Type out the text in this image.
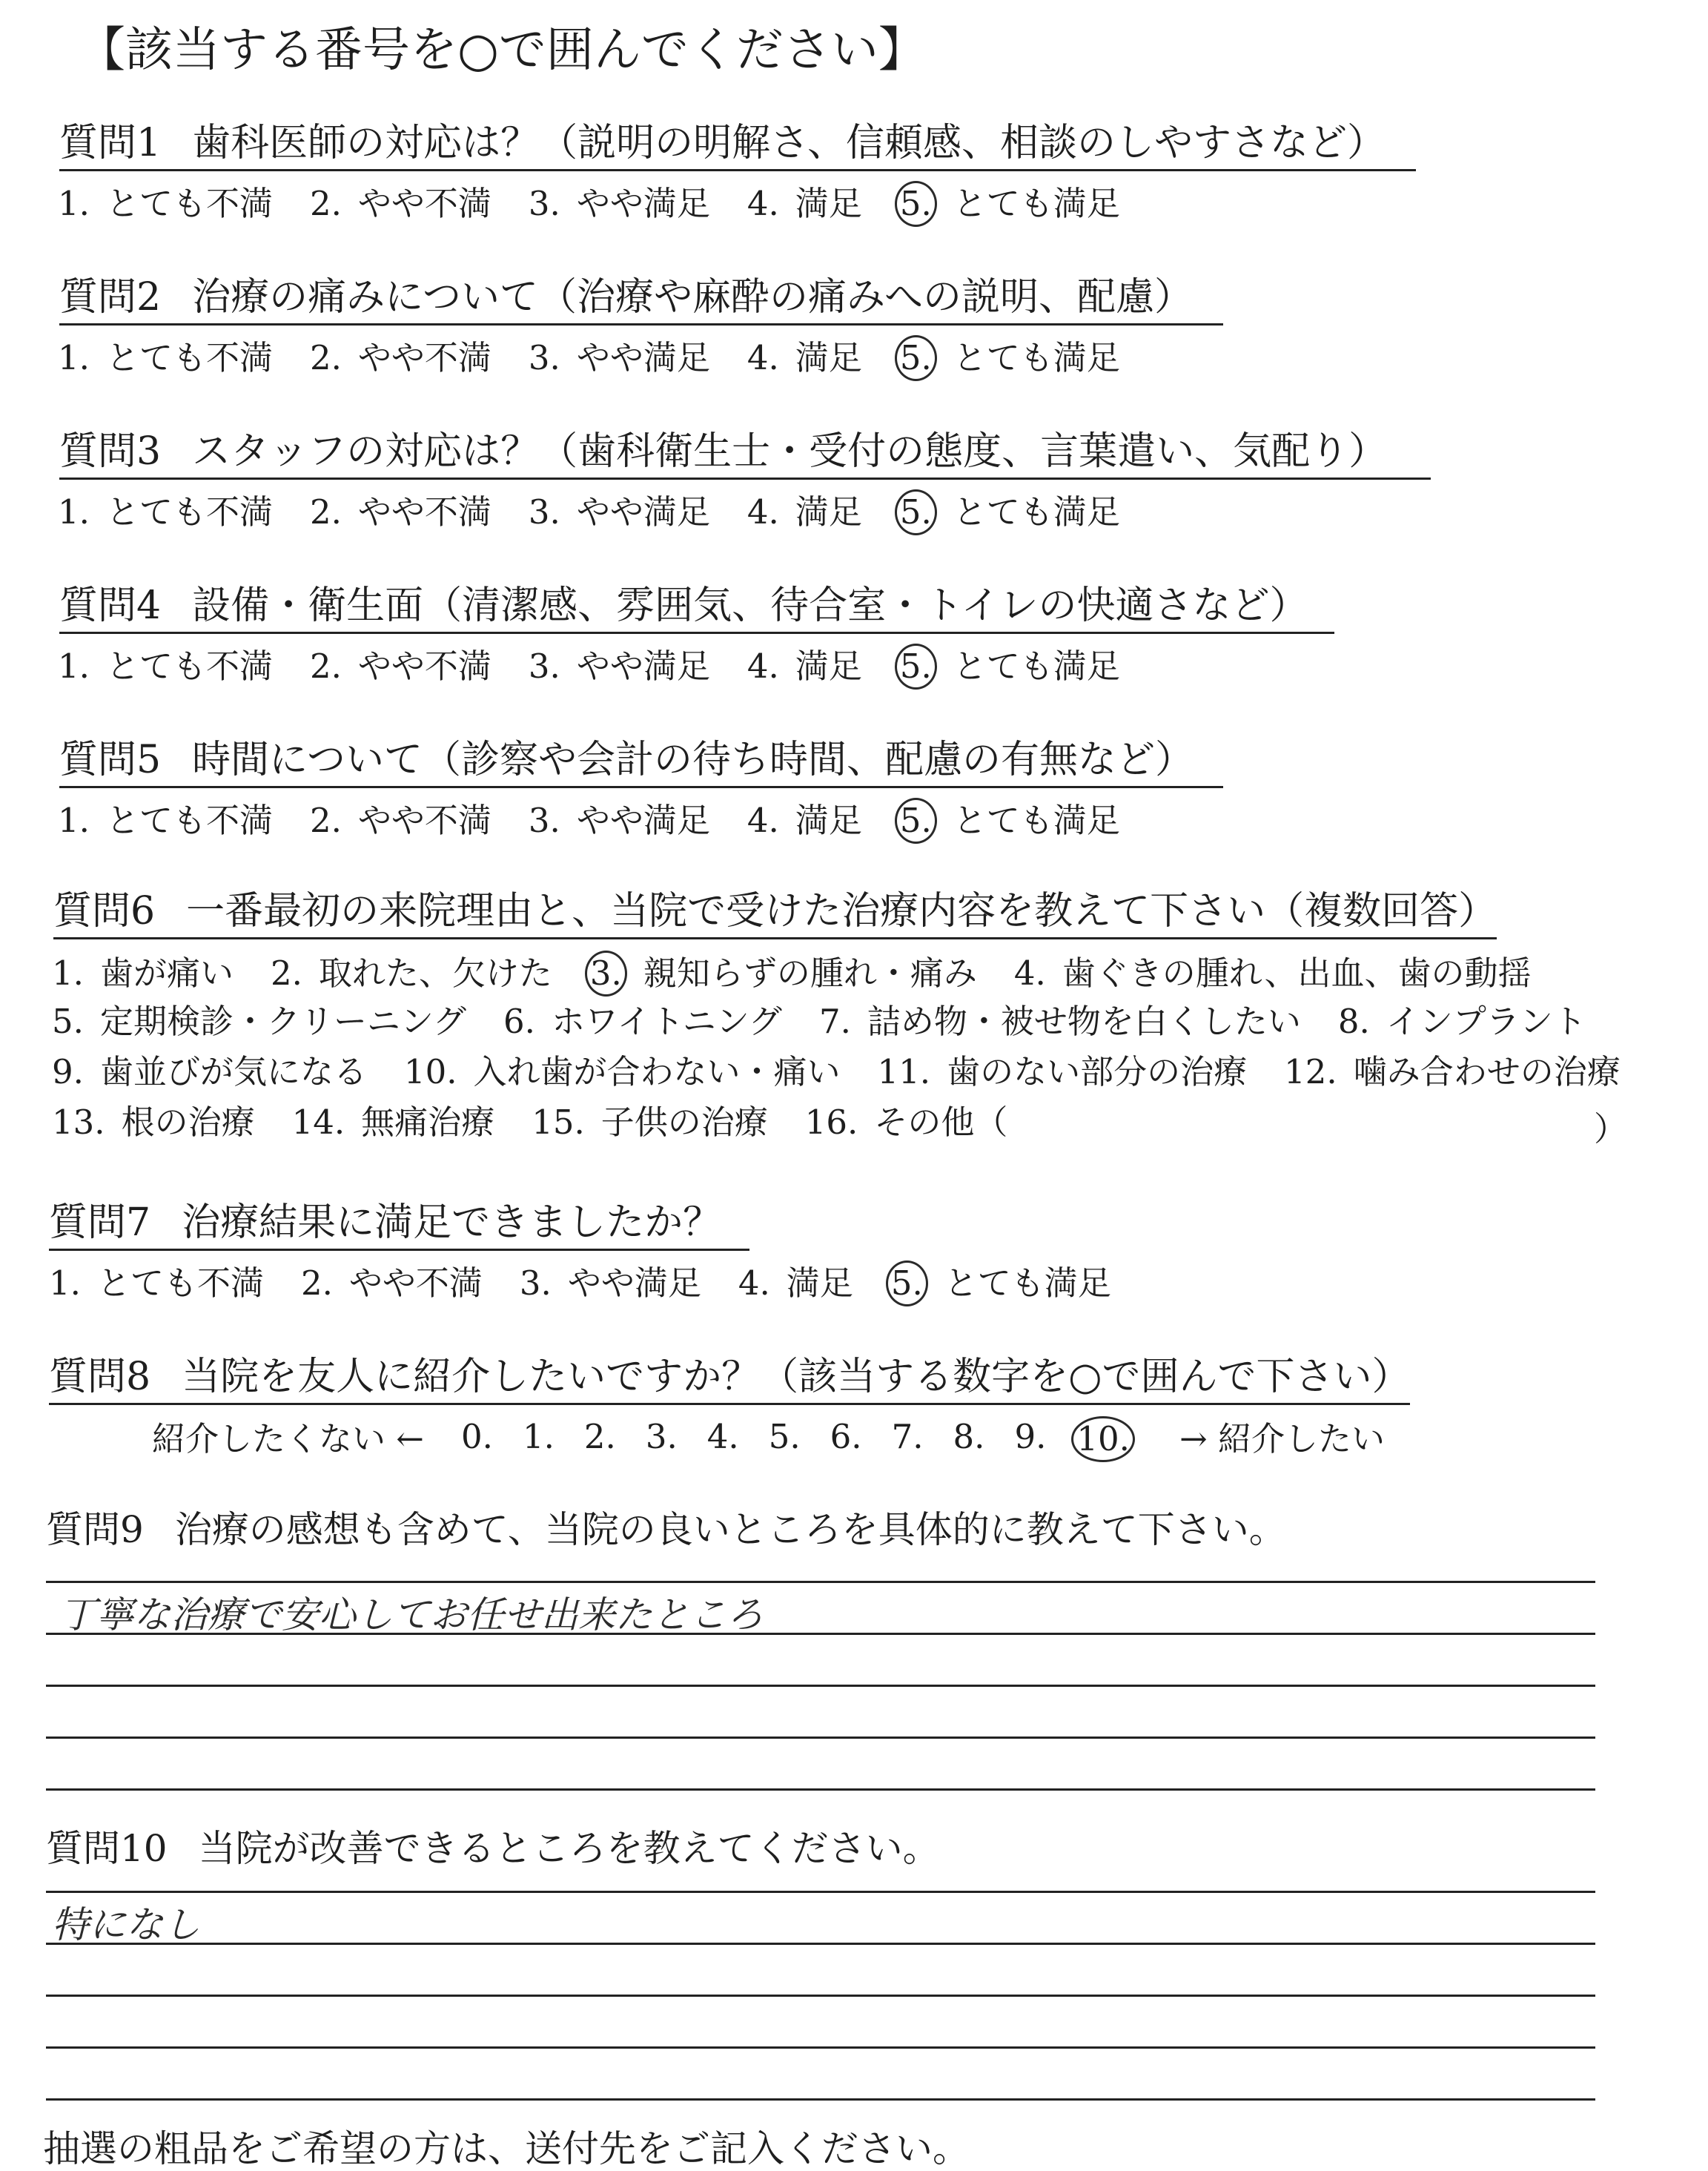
【該当する番号を○で囲んでください】
質問1 歯科医師の対応は？（説明の明解さ、信頼感、相談のしやすさなど）
1. とても不満 2. やや不満 3. やや満足 4. 満足 5. とても満足
質問2 治療の痛みについて（治療や麻酔の痛みへの説明、配慮）
1. とても不満 2. やや不満 3. やや満足 4. 満足 5. とても満足
質問3 スタッフの対応は？（歯科衛生士・受付の態度、言葉遣い、気配り）
1. とても不満 2. やや不満 3. やや満足 4. 満足 5. とても満足
質問4 設備・衛生面（清潔感、雰囲気、待合室・トイレの快適さなど）
1. とても不満 2. やや不満 3. やや満足 4. 満足 5. とても満足
質問5 時間について（診察や会計の待ち時間、配慮の有無など）
1. とても不満 2. やや不満 3. やや満足 4. 満足 5. とても満足
質問6 一番最初の来院理由と、当院で受けた治療内容を教えて下さい（複数回答）
1. 歯が痛い 2. 取れた、欠けた 3. 親知らずの腫れ・痛み 4. 歯ぐきの腫れ、出血、歯の動揺
5. 定期検診・クリーニング 6. ホワイトニング 7. 詰め物・被せ物を白くしたい 8. インプラント
9. 歯並びが気になる 10. 入れ歯が合わない・痛い 11. 歯のない部分の治療 12. 噛み合わせの治療
13. 根の治療 14. 無痛治療 15. 子供の治療 16. その他（	）
質問7 治療結果に満足できましたか？
1. とても不満 2. やや不満 3. やや満足 4. 満足 5. とても満足
質問8 当院を友人に紹介したいですか？（該当する数字を○で囲んで下さい）
紹介したくない ← 0. 1. 2. 3. 4. 5. 6. 7. 8. 9. 10.	→ 紹介したい
質問9 治療の感想も含めて、当院の良いところを具体的に教えて下さい。
丁寧な治療で安心してお任せ出来たところ
質問10 当院が改善できるところを教えてください。
特になし
抽選の粗品をご希望の方は、送付先をご記入ください。
